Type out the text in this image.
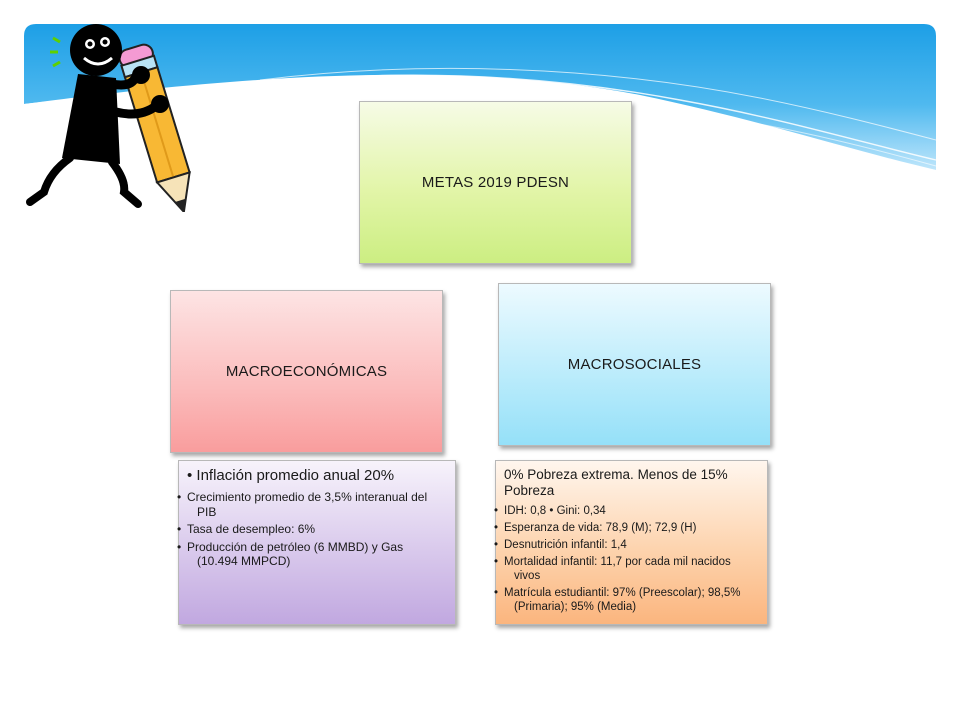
METAS 2019 PDESN
MACROECONÓMICAS	MACROSOCIALES
• Inflación promedio anual 20%
• Crecimiento promedio de 3,5% interanual del PIB
• Tasa de desempleo: 6%
• Producción de petróleo (6 MMBD) y Gas (10.494 MMPCD)
0% Pobreza extrema. Menos de 15% Pobreza
• IDH: 0,8 • Gini: 0,34
• Esperanza de vida: 78,9 (M); 72,9 (H)
• Desnutrición infantil: 1,4
• Mortalidad infantil: 11,7 por cada mil nacidos vivos
• Matrícula estudiantil: 97% (Preescolar); 98,5% (Primaria); 95% (Media)
